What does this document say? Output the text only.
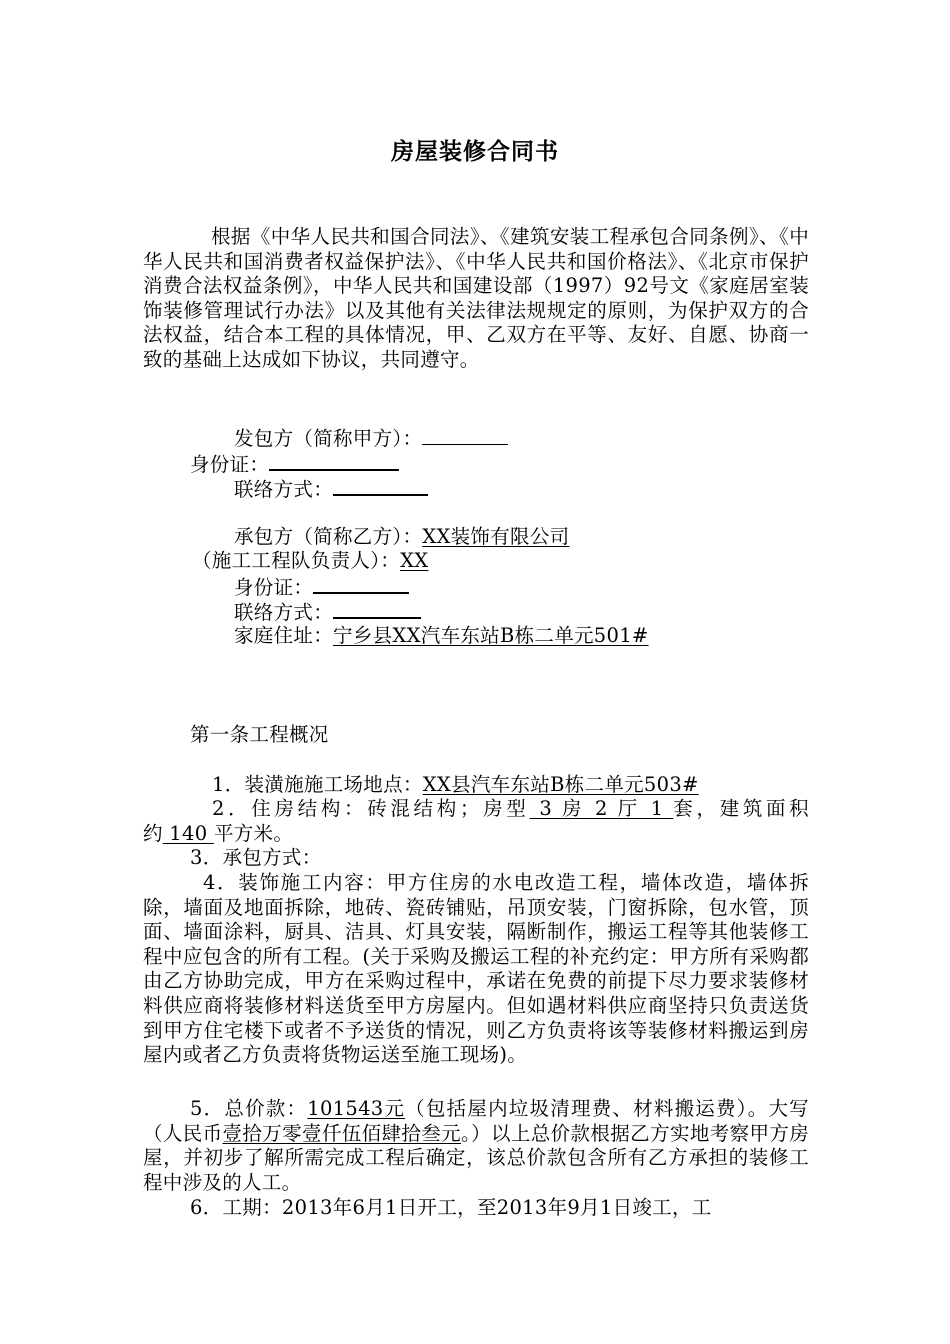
房屋装修合同书
根据《中华人民共和国合同法》、《建筑安装工程承包合同条例》、《中华人民共和国消费者权益保护法》、《中华人民共和国价格法》、《北京市保护消费合法权益条例》，中华人民共和国建设部（1997）92号文《家庭居室装饰装修管理试行办法》以及其他有关法律法规规定的原则，为保护双方的合法权益，结合本工程的具体情况，甲、乙双方在平等、友好、自愿、协商一致的基础上达成如下协议，共同遵守。
发包方（简称甲方）：
身份证：
联络方式：
承包方（简称乙方）：XX装饰有限公司
（施工工程队负责人）：XX
身份证：
联络方式：
家庭住址：宁乡县XX汽车东站B栋二单元501#
第一条工程概况
1．装潢施施工场地点：XX县汽车东站B栋二单元503#
2．住房结构：砖混结构；房型 3 房 2 厅 1 套，建筑面积
约 140 平方米。
3．承包方式：
4．装饰施工内容：甲方住房的水电改造工程，墙体改造，墙体拆除，墙面及地面拆除，地砖、瓷砖铺贴，吊顶安装，门窗拆除，包水管，顶面、墙面涂料，厨具、洁具、灯具安装，隔断制作，搬运工程等其他装修工程中应包含的所有工程。(关于采购及搬运工程的补充约定：甲方所有采购都由乙方协助完成，甲方在采购过程中，承诺在免费的前提下尽力要求装修材料供应商将装修材料送货至甲方房屋内。但如遇材料供应商坚持只负责送货到甲方住宅楼下或者不予送货的情况，则乙方负责将该等装修材料搬运到房屋内或者乙方负责将货物运送至施工现场)。
5．总价款：101543元（包括屋内垃圾清理费、材料搬运费）。大写（人民币壹拾万零壹仟伍佰肆拾叁元。）以上总价款根据乙方实地考察甲方房屋，并初步了解所需完成工程后确定，该总价款包含所有乙方承担的装修工程中涉及的人工。
6．工期：2013年6月1日开工，至2013年9月1日竣工，工
